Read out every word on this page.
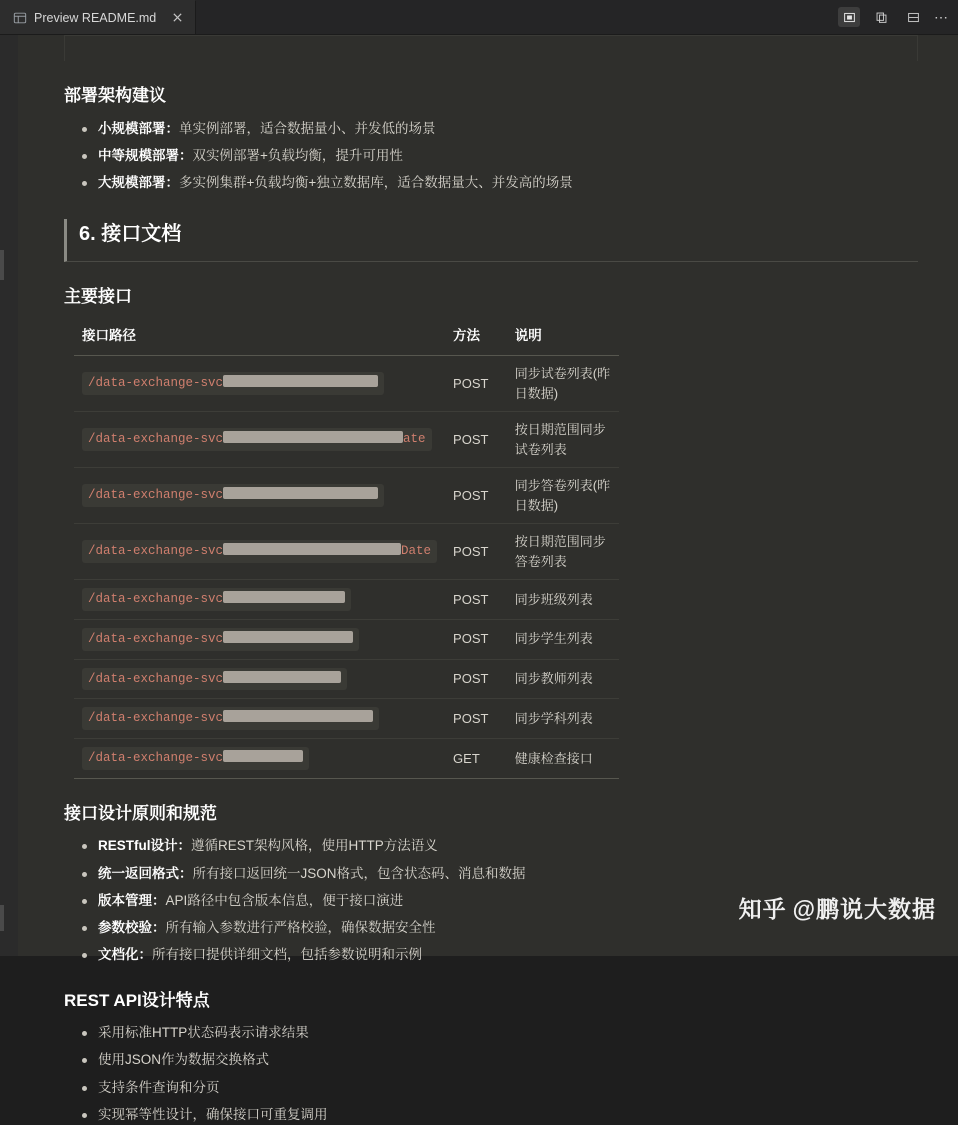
Preview README.md	⋯
部署架构建议
小规模部署：单实例部署，适合数据量小、并发低的场景
中等规模部署：双实例部署+负载均衡，提升可用性
大规模部署：多实例集群+负载均衡+独立数据库，适合数据量大、并发高的场景
6. 接口文档
主要接口
接口路径	方法	说明
/data-exchange-svc	POST	同步试卷列表(昨日数据)
/data-exchange-svc ate	POST	按日期范围同步试卷列表
/data-exchange-svc	POST	同步答卷列表(昨日数据)
/data-exchange-svc Date	POST	按日期范围同步答卷列表
/data-exchange-svc	POST	同步班级列表
/data-exchange-svc	POST	同步学生列表
/data-exchange-svc	POST	同步教师列表
/data-exchange-svc	POST	同步学科列表
/data-exchange-svc	GET	健康检查接口
接口设计原则和规范
RESTful设计：遵循REST架构风格，使用HTTP方法语义
统一返回格式：所有接口返回统一JSON格式，包含状态码、消息和数据
版本管理：API路径中包含版本信息，便于接口演进
参数校验：所有输入参数进行严格校验，确保数据安全性
文档化：所有接口提供详细文档，包括参数说明和示例
REST API设计特点
采用标准HTTP状态码表示请求结果
使用JSON作为数据交换格式
支持条件查询和分页
实现幂等性设计，确保接口可重复调用
知乎 @鹏说大数据
